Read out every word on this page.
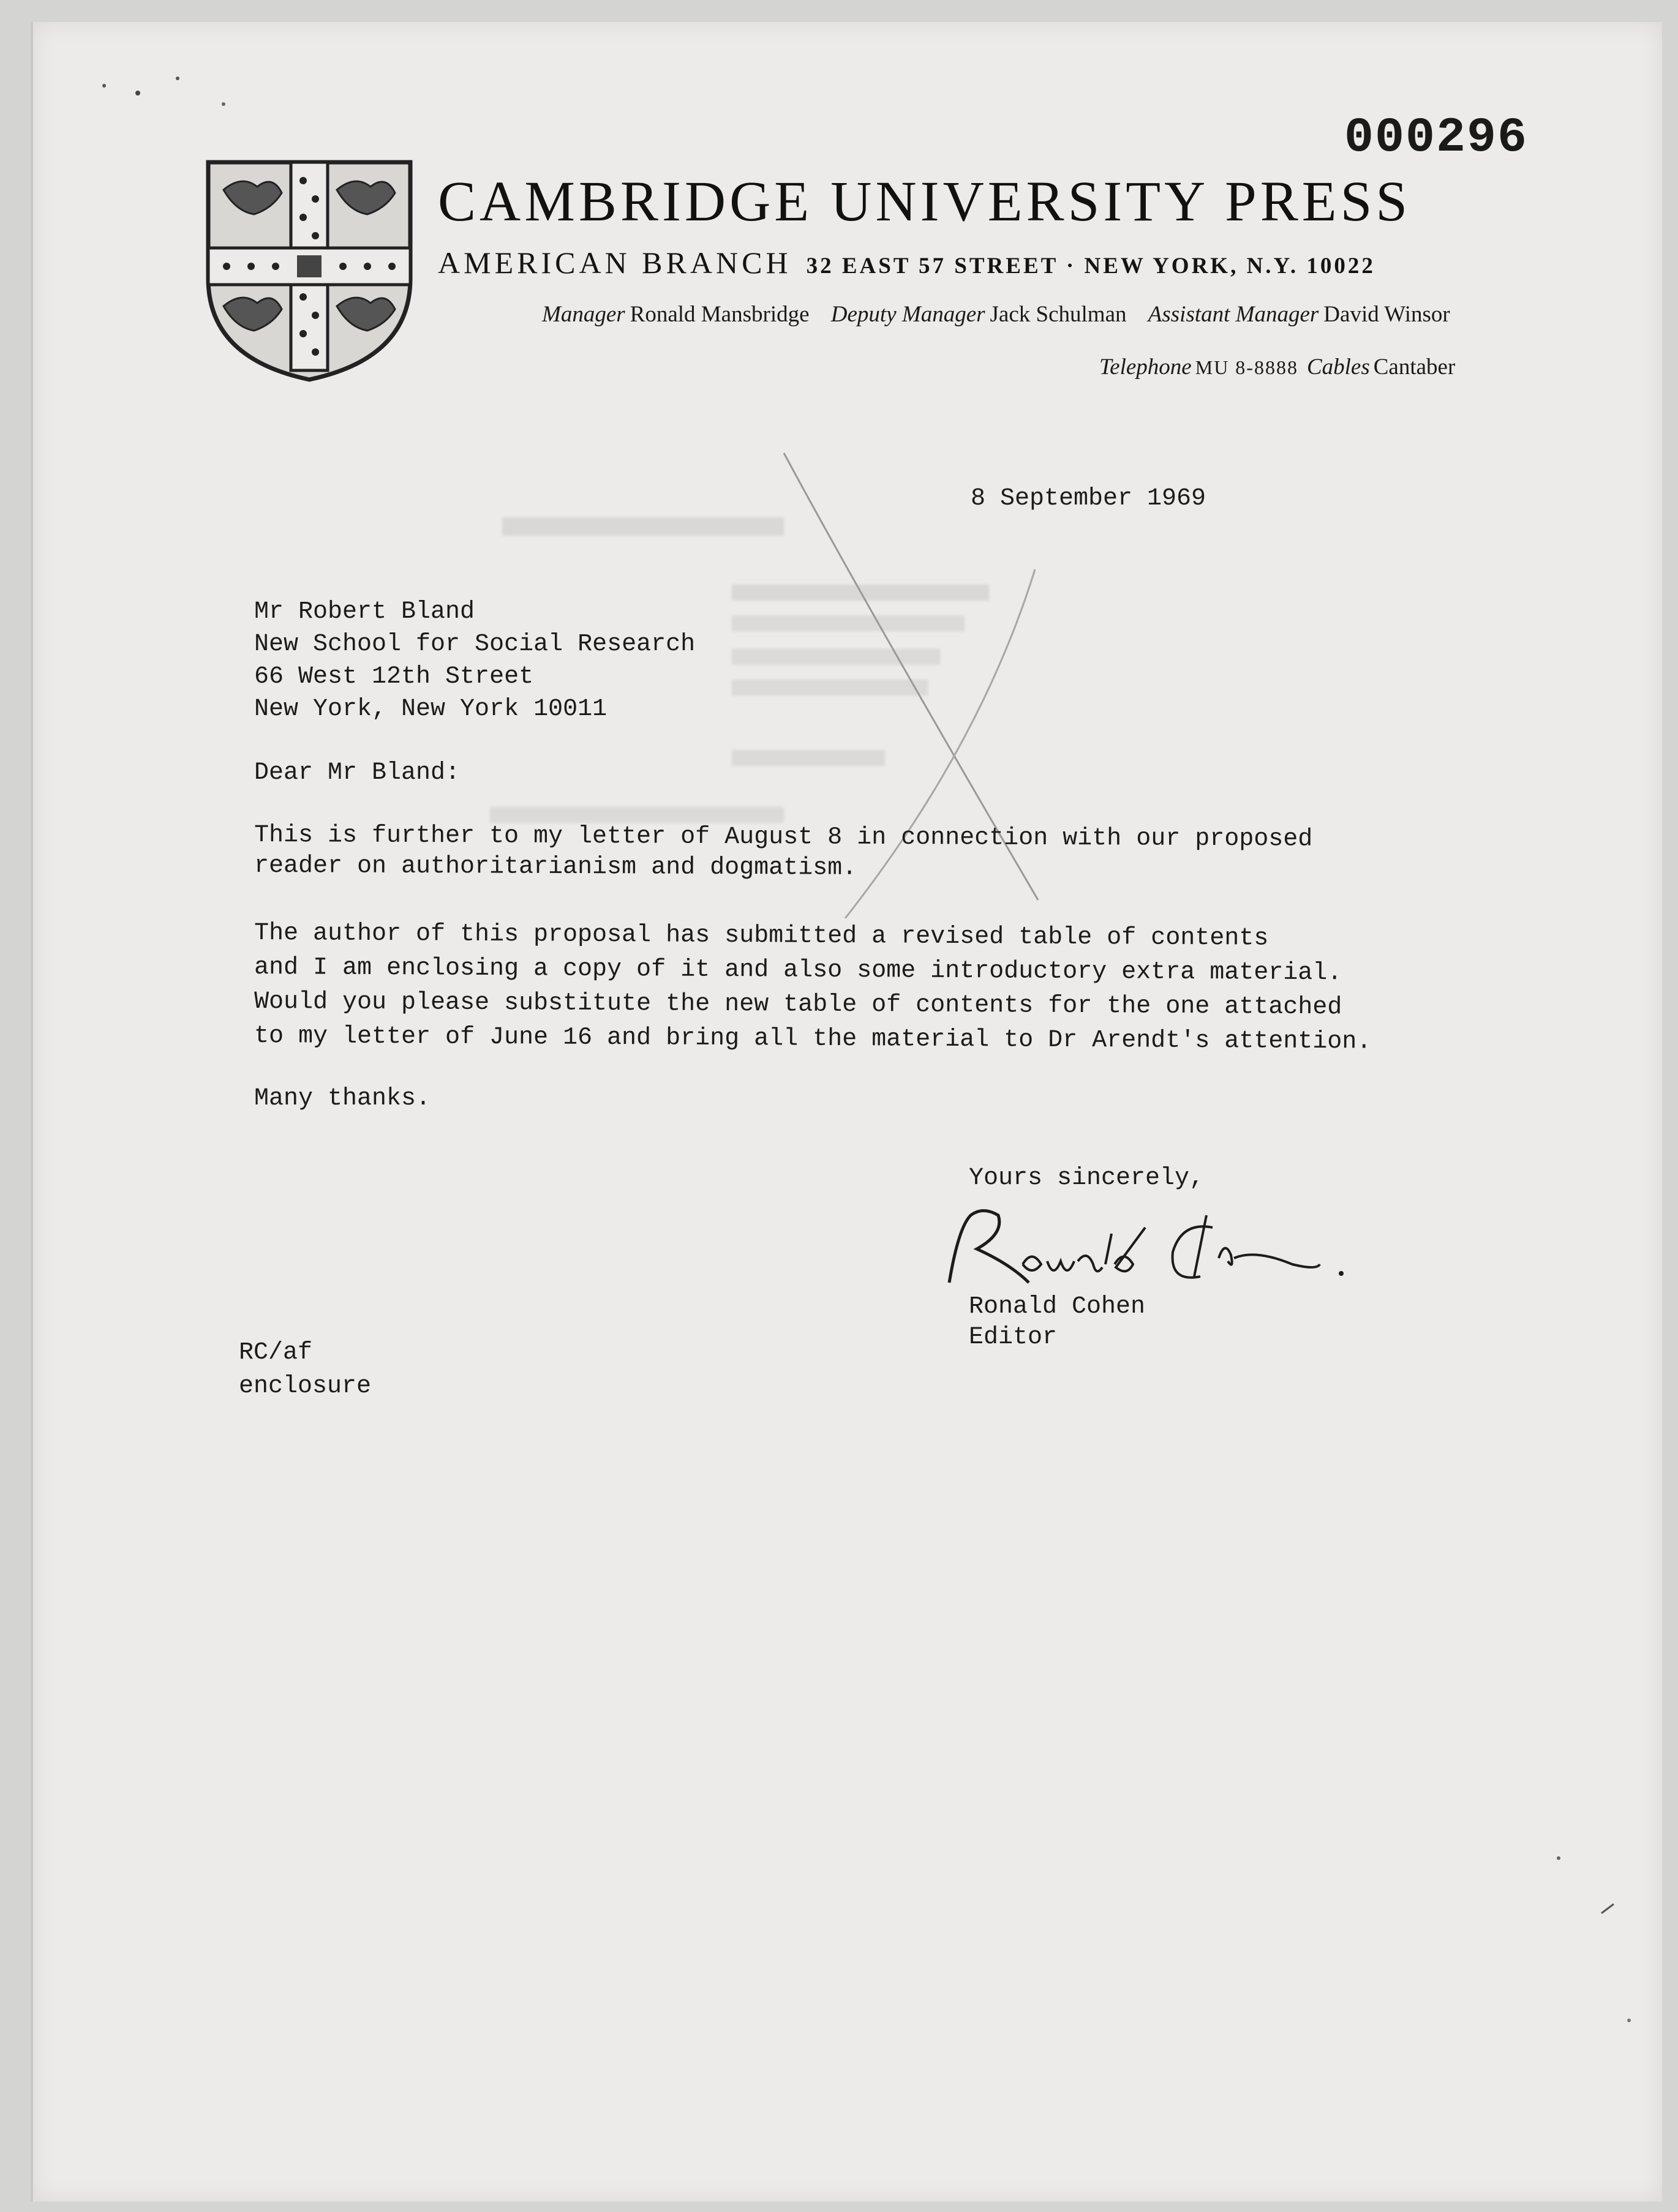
000296
CAMBRIDGE UNIVERSITY PRESS
AMERICAN BRANCH 32 EAST 57 STREET · NEW YORK, N.Y. 10022
Manager Ronald Mansbridge Deputy Manager Jack Schulman Assistant Manager David Winsor
Telephone MU 8-8888 Cables Cantaber
8 September 1969
Mr Robert Bland
New School for Social Research
66 West 12th Street
New York, New York 10011
Dear Mr Bland:
This is further to my letter of August 8 in connection with our proposed
reader on authoritarianism and dogmatism.
The author of this proposal has submitted a revised table of contents
and I am enclosing a copy of it and also some introductory extra material.
Would you please substitute the new table of contents for the one attached
to my letter of June 16 and bring all the material to Dr Arendt's attention.
Many thanks.
Yours sincerely,
Ronald Cohen
Editor
RC/af
enclosure
